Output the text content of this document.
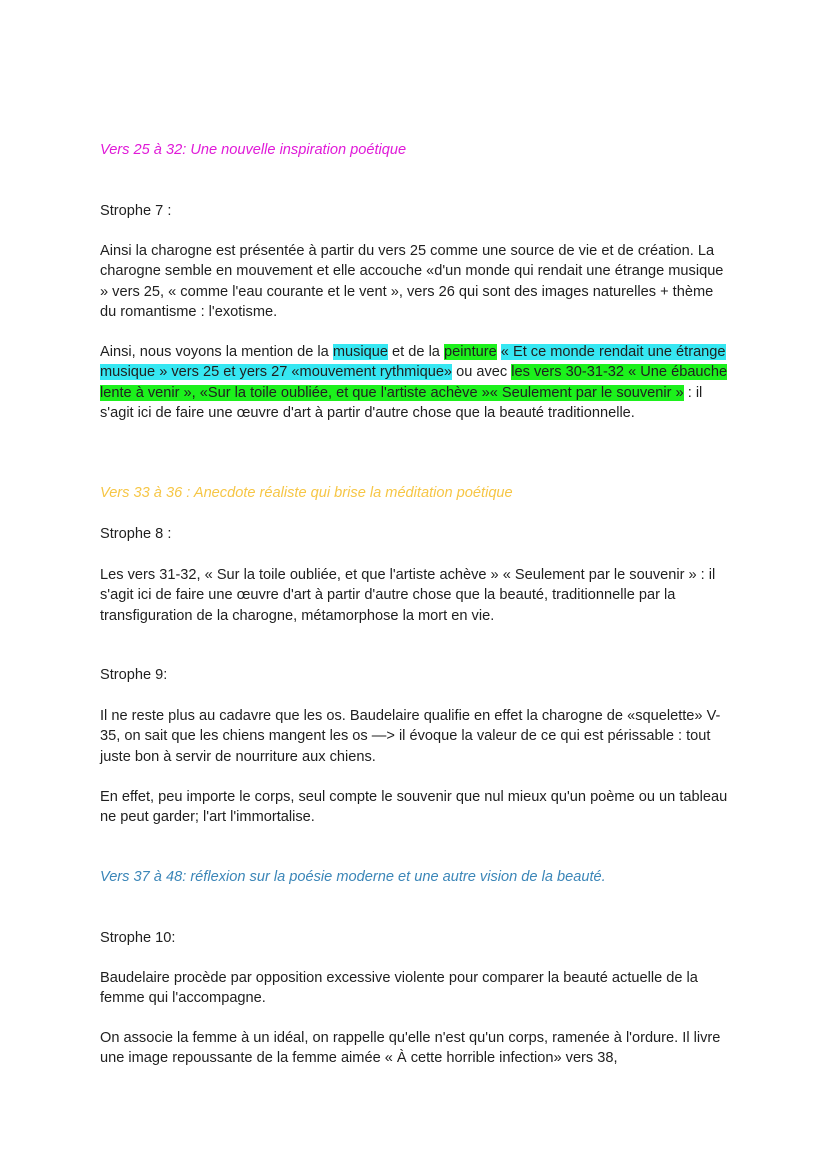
Vers 25 à 32: Une nouvelle inspiration poétique

Strophe 7 :

Ainsi la charogne est présentée à partir du vers 25 comme une source de vie et de création. La charogne semble en mouvement et elle accouche «d'un monde qui rendait une étrange musique » vers 25, « comme l'eau courante et le vent », vers 26 qui sont des images naturelles + thème du romantisme : l'exotisme.

Ainsi, nous voyons la mention de la musique et de la peinture « Et ce monde rendait une étrange musique » vers 25 et yers 27 «mouvement rythmique» ou avec les vers 30-31-32 « Une ébauche lente à venir », «Sur la toile oubliée, et que l'artiste achève »« Seulement par le souvenir » : il s'agit ici de faire une œuvre d'art à partir d'autre chose que la beauté traditionnelle.

Vers 33 à 36 : Anecdote réaliste qui brise la méditation poétique

Strophe 8 :

Les vers 31-32, « Sur la toile oubliée, et que l'artiste achève » « Seulement par le souvenir » : il s'agit ici de faire une œuvre d'art à partir d'autre chose que la beauté, traditionnelle par la transfiguration de la charogne, métamorphose la mort en vie.

Strophe 9:

Il ne reste plus au cadavre que les os. Baudelaire qualifie en effet la charogne de «squelette» V-35, on sait que les chiens mangent les os —> il évoque la valeur de ce qui est périssable : tout juste bon à servir de nourriture aux chiens.

En effet, peu importe le corps, seul compte le souvenir que nul mieux qu'un poème ou un tableau ne peut garder; l'art l'immortalise.

Vers 37 à 48: réflexion sur la poésie moderne et une autre vision de la beauté.

Strophe 10:

Baudelaire procède par opposition excessive violente pour comparer la beauté actuelle de la femme qui l'accompagne.

On associe la femme à un idéal, on rappelle qu'elle n'est qu'un corps, ramenée à l'ordure. Il livre une image repoussante de la femme aimée « À cette horrible infection» vers 38,
